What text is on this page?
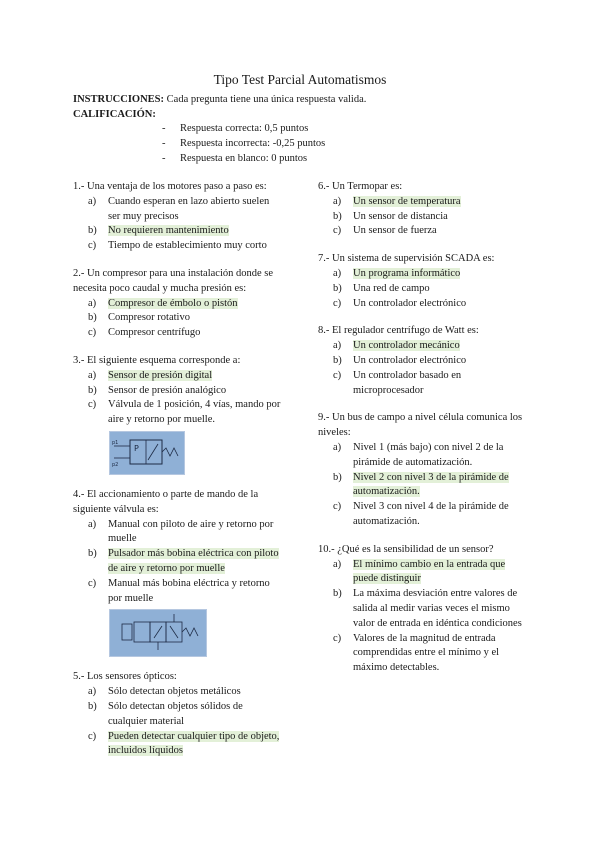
Tipo Test Parcial Automatismos
INSTRUCCIONES: Cada pregunta tiene una única respuesta valida.
CALIFICACIÓN:
-	Respuesta correcta: 0,5 puntos
-	Respuesta incorrecta: -0,25 puntos
-	Respuesta en blanco: 0 puntos
1.- Una ventaja de los motores paso a paso es:
a)	Cuando esperan en lazo abierto suelen ser muy precisos
b)	No requieren mantenimiento
c)	Tiempo de establecimiento muy corto
2.- Un compresor para una instalación donde se necesita poco caudal y mucha presión es:
a)	Compresor de émbolo o pistón
b)	Compresor rotativo
c)	Compresor centrífugo
3.- El siguiente esquema corresponde a:
a)	Sensor de presión digital
b)	Sensor de presión analógico
c)	Válvula de 1 posición, 4 vías, mando por aire y retorno por muelle.
P
p1
p2
4.- El accionamiento o parte de mando de la siguiente válvula es:
a)	Manual con piloto de aire y retorno por muelle
b)	Pulsador más bobina eléctrica con piloto de aire y retorno por muelle
c)	Manual más bobina eléctrica y retorno por muelle
5.- Los sensores ópticos:
a)	Sólo detectan objetos metálicos
b)	Sólo detectan objetos sólidos de cualquier material
c)	Pueden detectar cualquier tipo de objeto, incluidos líquidos
6.- Un Termopar es:
a)	Un sensor de temperatura
b)	Un sensor de distancia
c)	Un sensor de fuerza
7.- Un sistema de supervisión SCADA es:
a)	Un programa informático
b)	Una red de campo
c)	Un controlador electrónico
8.- El regulador centrífugo de Watt es:
a)	Un controlador mecánico
b)	Un controlador electrónico
c)	Un controlador basado en microprocesador
9.- Un bus de campo a nivel célula comunica los niveles:
a)	Nivel 1 (más bajo) con nivel 2 de la pirámide de automatización.
b)	Nivel 2 con nivel 3 de la pirámide de automatización.
c)	Nivel 3 con nivel 4 de la pirámide de automatización.
10.- ¿Qué es la sensibilidad de un sensor?
a)	El mínimo cambio en la entrada que puede distinguir
b)	La máxima desviación entre valores de salida al medir varias veces el mismo valor de entrada en idéntica condiciones
c)	Valores de la magnitud de entrada comprendidas entre el mínimo y el máximo detectables.
